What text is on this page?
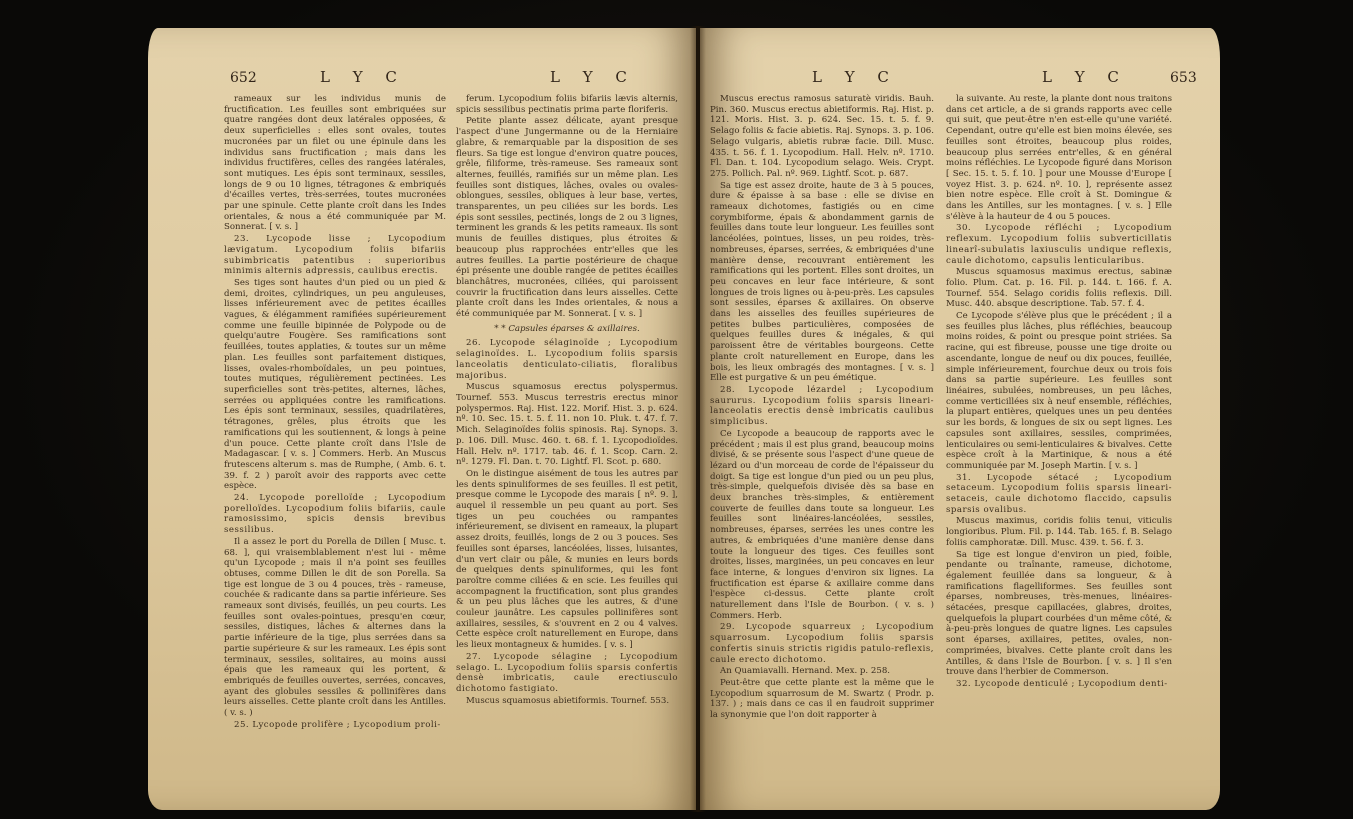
652	L Y C	L Y C

rameaux sur les individus munis de fructification. Les feuilles sont embriquées sur quatre rangées dont deux latérales opposées, & deux superficielles : elles sont ovales, toutes mucronées par un filet ou une épinule dans les individus sans fructification ; mais dans les individus fructifères, celles des rangées latérales, sont mutiques. Les épis sont terminaux, sessiles, longs de 9 ou 10 lignes, tétragones & embriqués d'écailles vertes, très-serrées, toutes mucronées par une spinule. Cette plante croît dans les Indes orientales, & nous a été communiquée par M. Sonnerat. [ v. s. ]

23. Lycopode lisse ; Lycopodium lævigatum. Lycopodium foliis bifariis subimbricatis patentibus : superioribus minimis alternis adpressis, caulibus erectis.

Ses tiges sont hautes d'un pied ou un pied & demi, droites, cylindriques, un peu anguleuses, lisses inférieurement avec de petites écailles vagues, & élégamment ramifiées supérieurement comme une feuille bipinnée de Polypode ou de quelqu'autre Fougère. Ses ramifications sont feuillées, toutes applaties, & toutes sur un même plan. Les feuilles sont parfaitement distiques, lisses, ovales-rhomboïdales, un peu pointues, toutes mutiques, régulièrement pectinées. Les superficielles sont très-petites, alternes, lâches, serrées ou appliquées contre les ramifications. Les épis sont terminaux, sessiles, quadrilatères, tétragones, grêles, plus étroits que les ramifications qui les soutiennent, & longs à peine d'un pouce. Cette plante croît dans l'Isle de Madagascar. [ v. s. ] Commers. Herb. An Muscus frutescens alterum s. mas de Rumphe, ( Amb. 6. t. 39. f. 2 ) paroît avoir des rapports avec cette espèce.

24. Lycopode porelloïde ; Lycopodium porelloïdes. Lycopodium foliis bifariis, caule ramosissimo, spicis densis brevibus sessilibus.

Il a assez le port du Porella de Dillen [ Musc. t. 68. ], qui vraisemblablement n'est lui - même qu'un Lycopode ; mais il n'a point ses feuilles obtuses, comme Dillen le dit de son Porella. Sa tige est longue de 3 ou 4 pouces, très - rameuse, couchée & radicante dans sa partie inférieure. Ses rameaux sont divisés, feuillés, un peu courts. Les feuilles sont ovales-pointues, presqu'en cœur, sessiles, distiques, lâches & alternes dans la partie inférieure de la tige, plus serrées dans sa partie supérieure & sur les rameaux. Les épis sont terminaux, sessiles, solitaires, au moins aussi épais que les rameaux qui les portent, & embriqués de feuilles ouvertes, serrées, concaves, ayant des globules sessiles & pollinifères dans leurs aisselles. Cette plante croît dans les Antilles. ( v. s. )

25. Lycopode prolifère ; Lycopodium proli-

ferum. Lycopodium foliis bifariis lævis alternis, spicis sessilibus pectinatis prima parte floriferis.

Petite plante assez délicate, ayant presque l'aspect d'une Jungermanne ou de la Herniaire glabre, & remarquable par la disposition de ses fleurs. Sa tige est longue d'environ quatre pouces, grêle, filiforme, très-rameuse. Ses rameaux sont alternes, feuillés, ramifiés sur un même plan. Les feuilles sont distiques, lâches, ovales ou ovales-oblongues, sessiles, obliques à leur base, vertes, transparentes, un peu ciliées sur les bords. Les épis sont sessiles, pectinés, longs de 2 ou 3 lignes, terminent les grands & les petits rameaux. Ils sont munis de feuilles distiques, plus étroites & beaucoup plus rapprochées entr'elles que les autres feuilles. La partie postérieure de chaque épi présente une double rangée de petites écailles blanchâtres, mucronées, ciliées, qui paroissent couvrir la fructification dans leurs aisselles. Cette plante croît dans les Indes orientales, & nous a été communiquée par M. Sonnerat. [ v. s. ]

* * Capsules éparses & axillaires.

26. Lycopode sélaginoïde ; Lycopodium selaginoïdes. L. Lycopodium foliis sparsis lanceolatis denticulato-ciliatis, floralibus majoribus.

Muscus squamosus erectus polyspermus. Tournef. 553. Muscus terrestris erectus minor polyspermos. Raj. Hist. 122. Morif. Hist. 3. p. 624. nº. 10. Sec. 15. t. 5. f. 11. non 10. Pluk. t. 47. f. 7. Mich. Selaginoïdes foliis spinosis. Raj. Synops. 3. p. 106. Dill. Musc. 460. t. 68. f. 1. Lycopodioïdes. Hall. Helv. nº. 1717. tab. 46. f. 1. Scop. Carn. 2. nº. 1279. Fl. Dan. t. 70. Lightf. Fl. Scot. p. 680.

On le distingue aisément de tous les autres par les dents spinuliformes de ses feuilles. Il est petit, presque comme le Lycopode des marais [ nº. 9. ], auquel il ressemble un peu quant au port. Ses tiges un peu couchées ou rampantes inférieurement, se divisent en rameaux, la plupart assez droits, feuillés, longs de 2 ou 3 pouces. Ses feuilles sont éparses, lancéolées, lisses, luisantes, d'un vert clair ou pâle, & munies en leurs bords de quelques dents spinuliformes, qui les font paroître comme ciliées & en scie. Les feuilles qui accompagnent la fructification, sont plus grandes & un peu plus lâches que les autres, & d'une couleur jaunâtre. Les capsules pollinifères sont axillaires, sessiles, & s'ouvrent en 2 ou 4 valves. Cette espèce croît naturellement en Europe, dans les lieux montagneux & humides. [ v. s. ]

27. Lycopode sélagine ; Lycopodium selago. L. Lycopodium foliis sparsis confertis densè imbricatis, caule erectiusculo dichotomo fastigiato.

Muscus squamosus abietiformis. Tournef. 553.

L Y C	L Y C	653

Muscus erectus ramosus saturatè viridis. Bauh. Pin. 360. Muscus erectus abietiformis. Raj. Hist. p. 121. Moris. Hist. 3. p. 624. Sec. 15. t. 5. f. 9. Selago foliis & facie abietis. Raj. Synops. 3. p. 106. Selago vulgaris, abietis rubræ facie. Dill. Musc. 435. t. 56. f. 1. Lycopodium. Hall. Helv. nº. 1710. Fl. Dan. t. 104. Lycopodium selago. Weis. Crypt. 275. Pollich. Pal. nº. 969. Lightf. Scot. p. 687.

Sa tige est assez droite, haute de 3 à 5 pouces, dure & épaisse à sa base : elle se divise en rameaux dichotomes, fastigiés ou en cime corymbiforme, épais & abondamment garnis de feuilles dans toute leur longueur. Les feuilles sont lancéolées, pointues, lisses, un peu roides, très-nombreuses, éparses, serrées, & embriquées d'une manière dense, recouvrant entièrement les ramifications qui les portent. Elles sont droites, un peu concaves en leur face intérieure, & sont longues de trois lignes ou à-peu-près. Les capsules sont sessiles, éparses & axillaires. On observe dans les aisselles des feuilles supérieures de petites bulbes particulières, composées de quelques feuilles dures & inégales, & qui paroissent être de véritables bourgeons. Cette plante croît naturellement en Europe, dans les bois, les lieux ombragés des montagnes. [ v. s. ] Elle est purgative & un peu émétique.

28. Lycopode lézardel ; Lycopodium saururus. Lycopodium foliis sparsis lineari-lanceolatis erectis densè imbricatis caulibus simplicibus.

Ce Lycopode a beaucoup de rapports avec le précédent ; mais il est plus grand, beaucoup moins divisé, & se présente sous l'aspect d'une queue de lézard ou d'un morceau de corde de l'épaisseur du doigt. Sa tige est longue d'un pied ou un peu plus, très-simple, quelquefois divisée dès sa base en deux branches très-simples, & entièrement couverte de feuilles dans toute sa longueur. Les feuilles sont linéaires-lancéolées, sessiles, nombreuses, éparses, serrées les unes contre les autres, & embriquées d'une manière dense dans toute la longueur des tiges. Ces feuilles sont droites, lisses, marginées, un peu concaves en leur face interne, & longues d'environ six lignes. La fructification est éparse & axillaire comme dans l'espèce ci-dessus. Cette plante croît naturellement dans l'Isle de Bourbon. ( v. s. ) Commers. Herb.

29. Lycopode squarreux ; Lycopodium squarrosum. Lycopodium foliis sparsis confertis sinuis strictis rigidis patulo-reflexis, caule erecto dichotomo.

An Quamiavalli. Hernand. Mex. p. 258.

Peut-être que cette plante est la même que le Lycopodium squarrosum de M. Swartz ( Prodr. p. 137. ) ; mais dans ce cas il en faudroit supprimer la synonymie que l'on doit rapporter à

la suivante. Au reste, la plante dont nous traitons dans cet article, a de si grands rapports avec celle qui suit, que peut-être n'en est-elle qu'une variété. Cependant, outre qu'elle est bien moins élevée, ses feuilles sont étroites, beaucoup plus roides, beaucoup plus serrées entr'elles, & en général moins réfléchies. Le Lycopode figuré dans Morison [ Sec. 15. t. 5. f. 10. ] pour une Mousse d'Europe [ voyez Hist. 3. p. 624. nº. 10. ], représente assez bien notre espèce. Elle croît à St. Domingue & dans les Antilles, sur les montagnes. [ v. s. ] Elle s'élève à la hauteur de 4 ou 5 pouces.

30. Lycopode réfléchi ; Lycopodium reflexum. Lycopodium foliis subverticillatis linearî-subulatis laxiusculis undique reflexis, caule dichotomo, capsulis lenticularibus.

Muscus squamosus maximus erectus, sabinæ folio. Plum. Cat. p. 16. Fil. p. 144. t. 166. f. A. Tournef. 554. Selago coridis foliis reflexis. Dill. Musc. 440. absque descriptione. Tab. 57. f. 4.

Ce Lycopode s'élève plus que le précédent ; il a ses feuilles plus lâches, plus réfléchies, beaucoup moins roides, & point ou presque point striées. Sa racine, qui est fibreuse, pousse une tige droite ou ascendante, longue de neuf ou dix pouces, feuillée, simple inférieurement, fourchue deux ou trois fois dans sa partie supérieure. Les feuilles sont linéaires, subulées, nombreuses, un peu lâches, comme verticillées six à neuf ensemble, réfléchies, la plupart entières, quelques unes un peu dentées sur les bords, & longues de six ou sept lignes. Les capsules sont axillaires, sessiles, comprimées, lenticulaires ou semi-lenticulaires & bivalves. Cette espèce croît à la Martinique, & nous a été communiquée par M. Joseph Martin. [ v. s. ]

31. Lycopode sétacé ; Lycopodium setaceum. Lycopodium foliis sparsis lineari-setaceis, caule dichotomo flaccido, capsulis sparsis ovalibus.

Muscus maximus, coridis foliis tenui, viticulis longioribus. Plum. Fil. p. 144. Tab. 165. f. B. Selago foliis camphoratæ. Dill. Musc. 439. t. 56. f. 3.

Sa tige est longue d'environ un pied, foible, pendante ou traînante, rameuse, dichotome, également feuillée dans sa longueur, & à ramifications flagelliformes. Ses feuilles sont éparses, nombreuses, très-menues, linéaires-sétacées, presque capillacées, glabres, droites, quelquefois la plupart courbées d'un même côté, & à-peu-près longues de quatre lignes. Les capsules sont éparses, axillaires, petites, ovales, non-comprimées, bivalves. Cette plante croît dans les Antilles, & dans l'Isle de Bourbon. [ v. s. ] Il s'en trouve dans l'herbier de Commerson.

32. Lycopode denticulé ; Lycopodium denti-
